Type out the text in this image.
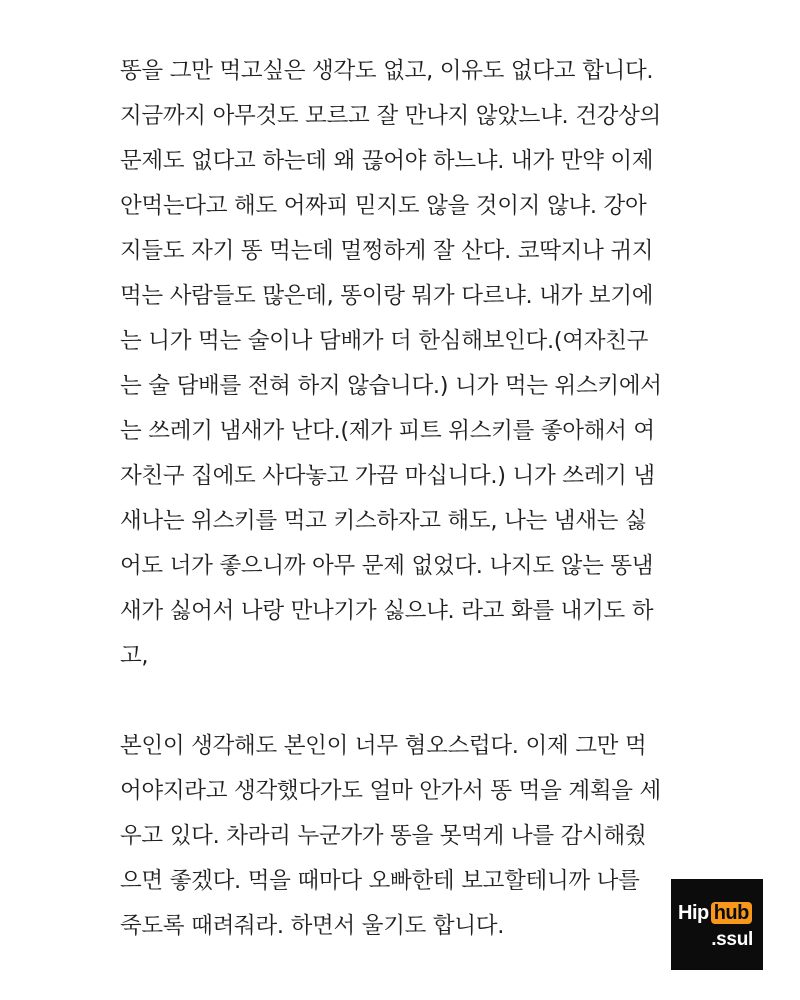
똥을 그만 먹고싶은 생각도 없고, 이유도 없다고 합니다.
지금까지 아무것도 모르고 잘 만나지 않았느냐. 건강상의
문제도 없다고 하는데 왜 끊어야 하느냐. 내가 만약 이제
안먹는다고 해도 어짜피 믿지도 않을 것이지 않냐. 강아
지들도 자기 똥 먹는데 멀쩡하게 잘 산다. 코딱지나 귀지
먹는 사람들도 많은데, 똥이랑 뭐가 다르냐. 내가 보기에
는 니가 먹는 술이나 담배가 더 한심해보인다.(여자친구
는 술 담배를 전혀 하지 않습니다.) 니가 먹는 위스키에서
는 쓰레기 냄새가 난다.(제가 피트 위스키를 좋아해서 여
자친구 집에도 사다놓고 가끔 마십니다.) 니가 쓰레기 냄
새나는 위스키를 먹고 키스하자고 해도, 나는 냄새는 싫
어도 너가 좋으니까 아무 문제 없었다. 나지도 않는 똥냄
새가 싫어서 나랑 만나기가 싫으냐. 라고 화를 내기도 하
고,
본인이 생각해도 본인이 너무 혐오스럽다. 이제 그만 먹
어야지라고 생각했다가도 얼마 안가서 똥 먹을 계획을 세
우고 있다. 차라리 누군가가 똥을 못먹게 나를 감시해줬
으면 좋겠다. 먹을 때마다 오빠한테 보고할테니까 나를
죽도록 때려줘라. 하면서 울기도 합니다.
Hip hub
.ssul
